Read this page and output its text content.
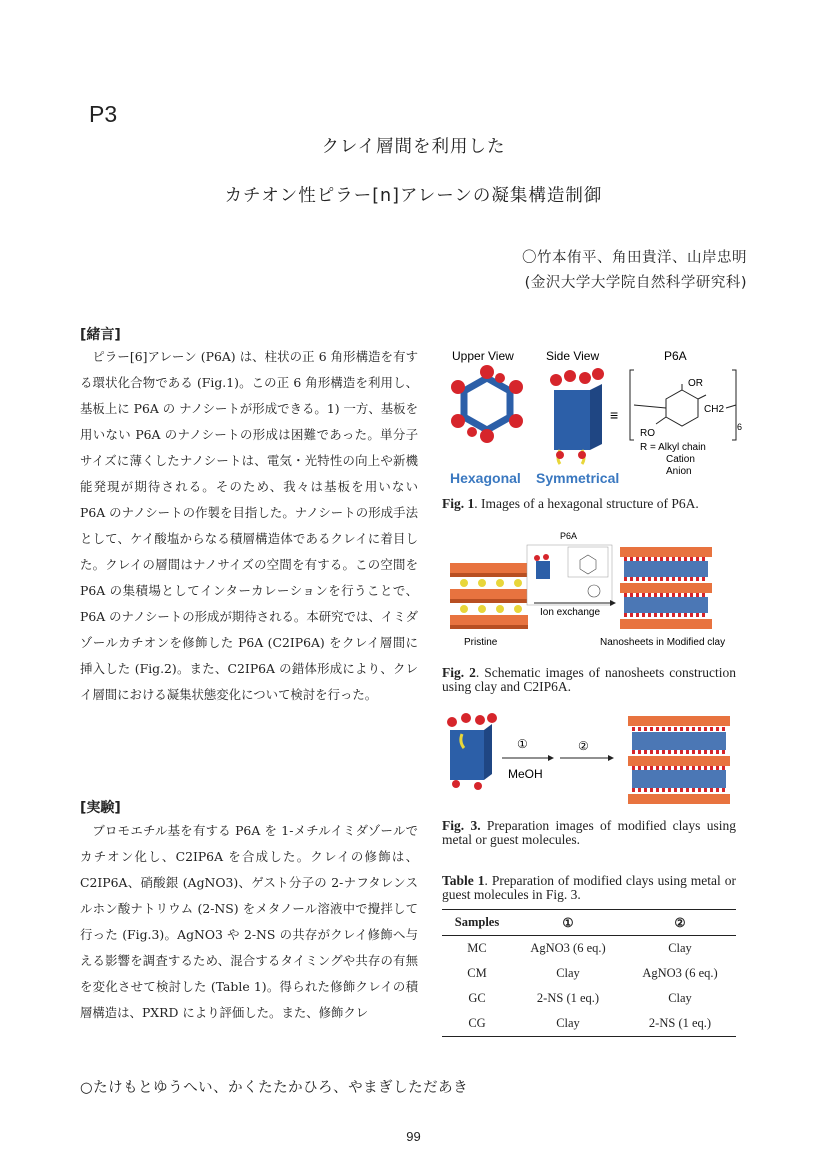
P3
クレイ層間を利用した
カチオン性ピラー[n]アレーンの凝集構造制御
〇竹本侑平、角田貴洋、山岸忠明
(金沢大学大学院自然科学研究科)
[緒言]
ピラー[6]アレーン (P6A) は、柱状の正 6 角形構造を有する環状化合物である (Fig.1)。この正 6 角形構造を利用し、基板上に P6A の ナノシートが形成できる。1) 一方、基板を用いない P6A のナノシートの形成は困難であった。単分子サイズに薄くしたナノシートは、電気・光特性の向上や新機能発現が期待される。そのため、我々は基板を用いない P6A のナノシートの作製を目指した。ナノシートの形成手法として、ケイ酸塩からなる積層構造体であるクレイに着目した。クレイの層間はナノサイズの空間を有する。この空間を P6A の集積場としてインターカレーションを行うことで、P6A のナノシートの形成が期待される。本研究では、イミダゾールカチオンを修飾した P6A (C2IP6A) をクレイ層間に挿入した (Fig.2)。また、C2IP6A の錯体形成により、クレイ層間における凝集状態変化について検討を行った。
[実験]
ブロモエチル基を有する P6A を 1-メチルイミダゾールでカチオン化し、C2IP6A を合成した。クレイの修飾は、C2IP6A、硝酸銀 (AgNO3)、ゲスト分子の 2-ナフタレンスルホン酸ナトリウム (2-NS) をメタノール溶液中で攪拌して行った (Fig.3)。AgNO3 や 2-NS の共存がクレイ修飾へ与える影響を調査するため、混合するタイミングや共存の有無を変化させて検討した (Table 1)。得られた修飾クレイの積層構造は、PXRD により評価した。また、修飾クレ
Upper View	Side View	P6A
≡
OR
CH2
RO
6
R = Alkyl chain
Cation
Anion
Hexagonal Symmetrical
Fig. 1. Images of a hexagonal structure of P6A.
P6A
Ion exchange
Pristine	Nanosheets in Modified clay
Fig. 2. Schematic images of nanosheets construction using clay and C2IP6A.
①	②
MeOH
Fig. 3. Preparation images of modified clays using metal or guest molecules.
Table 1. Preparation of modified clays using metal or guest molecules in Fig. 3.
Samples	①	②
MC	AgNO3 (6 eq.)	Clay
CM	Clay	AgNO3 (6 eq.)
GC	2-NS (1 eq.)	Clay
CG	Clay	2-NS (1 eq.)
○たけもとゆうへい、かくたたかひろ、やまぎしただあき
99
